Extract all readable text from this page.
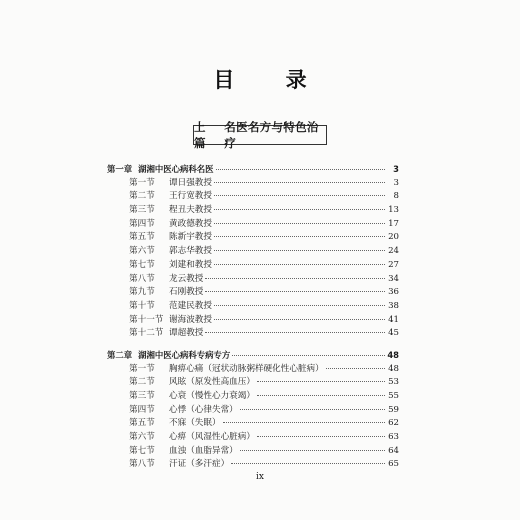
目 录
上篇
名医名方与特色治疗
第一章 湖湘中医心病科名医	3
第一节	谭日强教授	3
第二节	王行宽教授	8
第三节	程丑夫教授	13
第四节	黄政德教授	17
第五节	陈新宇教授	20
第六节	郭志华教授	24
第七节	刘建和教授	27
第八节	龙云教授	34
第九节	石刚教授	36
第十节	范建民教授	38
第十一节 谢海波教授	41
第十二节 谭超教授	45
第二章 湖湘中医心病科专病专方	48
第一节	胸痹心痛（冠状动脉粥样硬化性心脏病）	48
第二节	风眩（原发性高血压）	53
第三节	心衰（慢性心力衰竭）	55
第四节	心悸（心律失常）	59
第五节	不寐（失眠）	62
第六节	心痹（风湿性心脏病）	63
第七节	血浊（血脂异常）	64
第八节	汗证（多汗症）	65
ix
